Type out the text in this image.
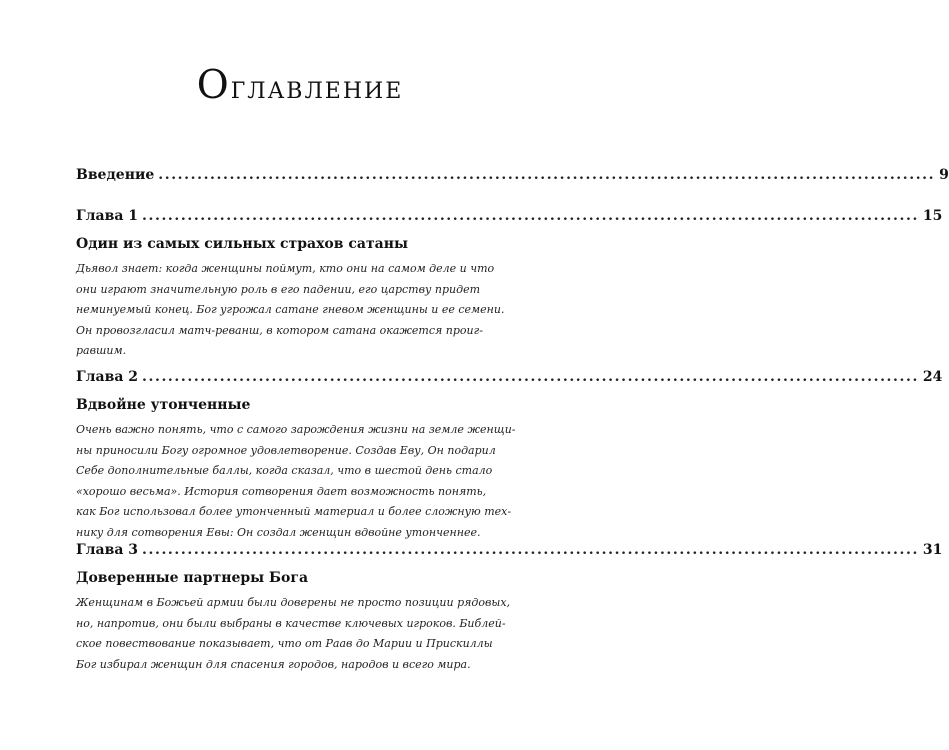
Оглавление
Введение ........................................................................................................................ 9
Глава 1 ........................................................................................................................ 15
Один из самых сильных страхов сатаны
Дьявол знает: когда женщины поймут, кто они на самом деле и что
они играют значительную роль в его падении, его царству придет
неминуемый конец. Бог угрожал сатане гневом женщины и ее семени.
Он провозгласил матч-реванш, в котором сатана окажется проиг-
равшим.
Глава 2 ........................................................................................................................ 24
Вдвойне утонченные
Очень важно понять, что с самого зарождения жизни на земле женщи-
ны приносили Богу огромное удовлетворение. Создав Еву, Он подарил
Себе дополнительные баллы, когда сказал, что в шестой день стало
«хорошо весьма». История сотворения дает возможность понять,
как Бог использовал более утонченный материал и более сложную тех-
нику для сотворения Евы: Он создал женщин вдвойне утонченнее.
Глава 3 ........................................................................................................................ 31
Доверенные партнеры Бога
Женщинам в Божьей армии были доверены не просто позиции рядовых,
но, напротив, они были выбраны в качестве ключевых игроков. Библей-
ское повествование показывает, что от Раав до Марии и Прискиллы
Бог избирал женщин для спасения городов, народов и всего мира.
